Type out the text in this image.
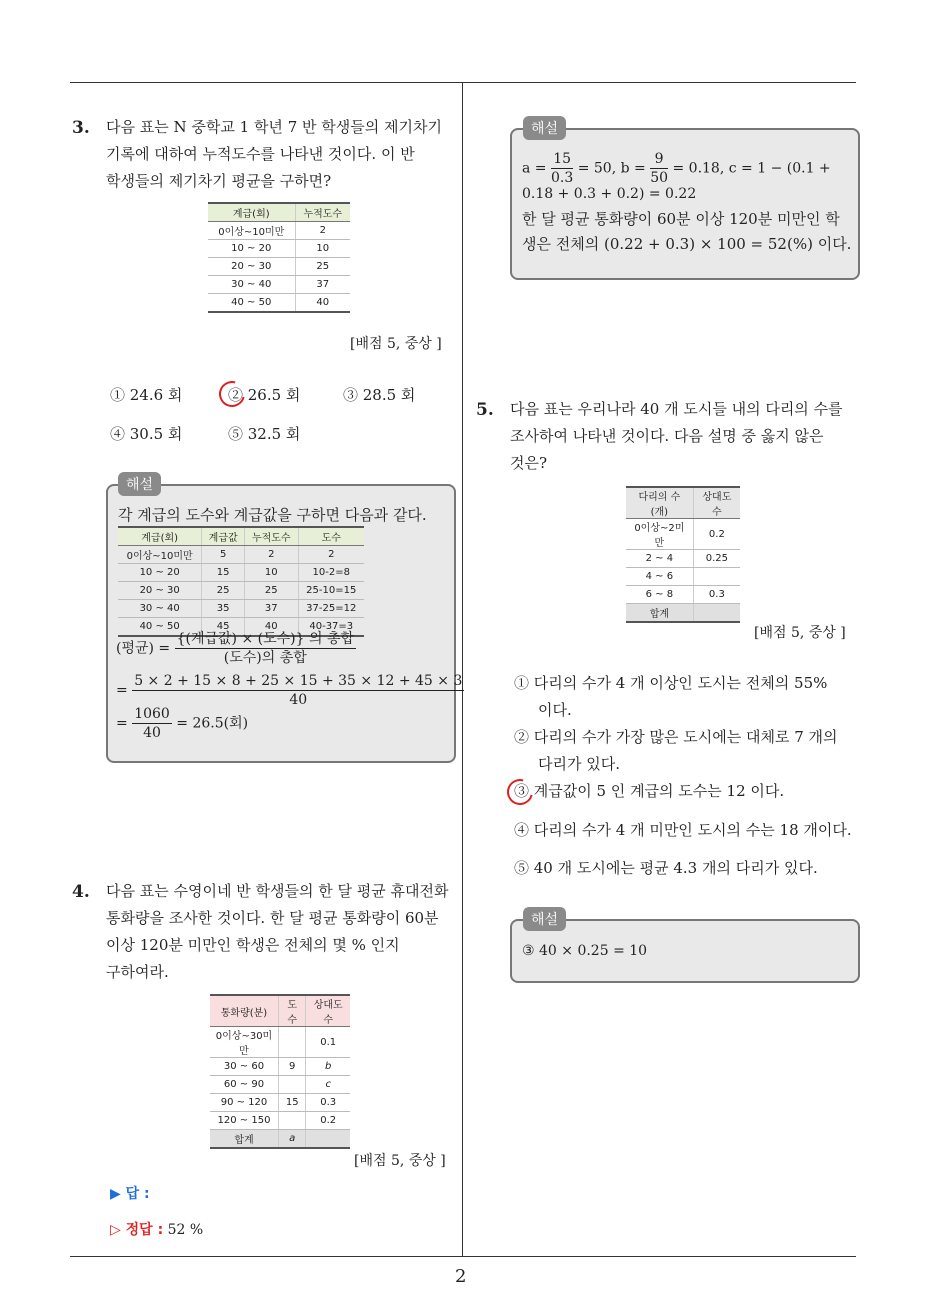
2
3. 다음 표는 N 중학교 1 학년 7 반 학생들의 제기차기
기록에 대하여 누적도수를 나타낸 것이다. 이 반
학생들의 제기차기 평균을 구하면?
계급(회)	누적도수
0이상~10미만	2
10 ~ 20	10
20 ~ 30	25
30 ~ 40	37
40 ~ 50	40
[배점 5, 중상 ]
① 24.6 회	② 26.5 회	③ 28.5 회
④ 30.5 회	⑤ 32.5 회
해설
각 계급의 도수와 계급값을 구하면 다음과 같다.
계급(회)	계급값	누적도수	도수
0이상~10미만	5	2	2
10 ~ 20	15	10	10-2=8
20 ~ 30	25	25	25-10=15
30 ~ 40	35	37	37-25=12
40 ~ 50	45	40	40-37=3
(평균) = $\frac{\text{\{(계급값) × (도수)\} 의 총합}}{\text{(도수)의 총합}}$
= $\frac{5 \times 2 + 15 \times 8 + 25 \times 15 + 35 \times 12 + 45 \times 3}{40}$
= $\frac{1060}{40} = 26.5$(회)
4. 다음 표는 수영이네 반 학생들의 한 달 평균 휴대전화
통화량을 조사한 것이다. 한 달 평균 통화량이 60분
이상 120분 미만인 학생은 전체의 몇 % 인지
구하여라.
통화량(분)	도수	상대도수
0이상~30미만		0.1
30 ~ 60	9	b
60 ~ 90		c
90 ~ 120	15	0.3
120 ~ 150		0.2
합계	a	
[배점 5, 중상 ]
▶ 답 :
▷ 정답 : 52 %
해설
$a = \frac{15}{0.3} = 50$, $b = \frac{9}{50} = 0.18$, c = 1 − (0.1 +
0.18 + 0.3 + 0.2) = 0.22
한 달 평균 통화량이 60분 이상 120분 미만인 학
생은 전체의 (0.22 + 0.3) × 100 = 52(%) 이다.
5. 다음 표는 우리나라 40 개 도시들 내의 다리의 수를
조사하여 나타낸 것이다. 다음 설명 중 옳지 않은
것은?
다리의 수(개)	상대도수
0이상~2미만	0.2
2 ~ 4	0.25
4 ~ 6	
6 ~ 8	0.3
합계	
[배점 5, 중상 ]
① 다리의 수가 4 개 이상인 도시는 전체의 55%
이다.
② 다리의 수가 가장 많은 도시에는 대체로 7 개의
다리가 있다.
③ 계급값이 5 인 계급의 도수는 12 이다.
④ 다리의 수가 4 개 미만인 도시의 수는 18 개이다.
⑤ 40 개 도시에는 평균 4.3 개의 다리가 있다.
해설
③ 40 × 0.25 = 10
